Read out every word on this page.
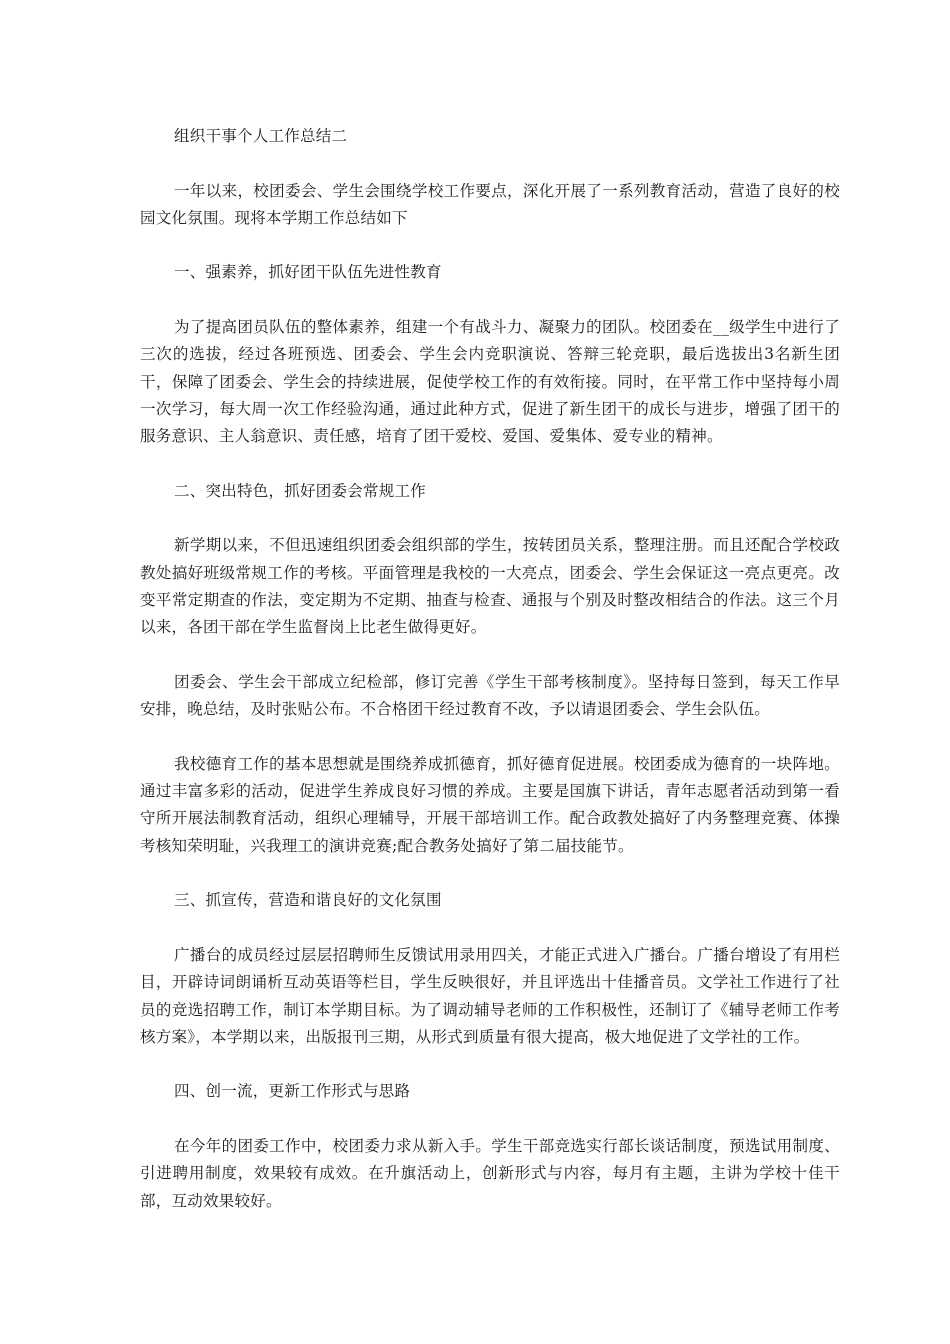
组织干事个人工作总结二

一年以来，校团委会、学生会围绕学校工作要点，深化开展了一系列教育活动，营造了良好的校园文化氛围。现将本学期工作总结如下

一、强素养，抓好团干队伍先进性教育

为了提高团员队伍的整体素养，组建一个有战斗力、凝聚力的团队。校团委在__级学生中进行了三次的选拔，经过各班预选、团委会、学生会内竞职演说、答辩三轮竞职，最后选拔出3名新生团干，保障了团委会、学生会的持续进展，促使学校工作的有效衔接。同时，在平常工作中坚持每小周一次学习，每大周一次工作经验沟通，通过此种方式，促进了新生团干的成长与进步，增强了团干的服务意识、主人翁意识、责任感，培育了团干爱校、爱国、爱集体、爱专业的精神。

二、突出特色，抓好团委会常规工作

新学期以来，不但迅速组织团委会组织部的学生，按转团员关系，整理注册。而且还配合学校政教处搞好班级常规工作的考核。平面管理是我校的一大亮点，团委会、学生会保证这一亮点更亮。改变平常定期查的作法，变定期为不定期、抽查与检查、通报与个别及时整改相结合的作法。这三个月以来，各团干部在学生监督岗上比老生做得更好。

团委会、学生会干部成立纪检部，修订完善《学生干部考核制度》。坚持每日签到，每天工作早安排，晚总结，及时张贴公布。不合格团干经过教育不改，予以请退团委会、学生会队伍。

我校德育工作的基本思想就是围绕养成抓德育，抓好德育促进展。校团委成为德育的一块阵地。通过丰富多彩的活动，促进学生养成良好习惯的养成。主要是国旗下讲话，青年志愿者活动到第一看守所开展法制教育活动，组织心理辅导，开展干部培训工作。配合政教处搞好了内务整理竞赛、体操考核知荣明耻，兴我理工的演讲竞赛;配合教务处搞好了第二届技能节。

三、抓宣传，营造和谐良好的文化氛围

广播台的成员经过层层招聘师生反馈试用录用四关，才能正式进入广播台。广播台增设了有用栏目，开辟诗词朗诵析互动英语等栏目，学生反映很好，并且评选出十佳播音员。文学社工作进行了社员的竞选招聘工作，制订本学期目标。为了调动辅导老师的工作积极性，还制订了《辅导老师工作考核方案》，本学期以来，出版报刊三期，从形式到质量有很大提高，极大地促进了文学社的工作。

四、创一流，更新工作形式与思路

在今年的团委工作中，校团委力求从新入手。学生干部竞选实行部长谈话制度，预选试用制度、引进聘用制度，效果较有成效。在升旗活动上，创新形式与内容，每月有主题，主讲为学校十佳干部，互动效果较好。
